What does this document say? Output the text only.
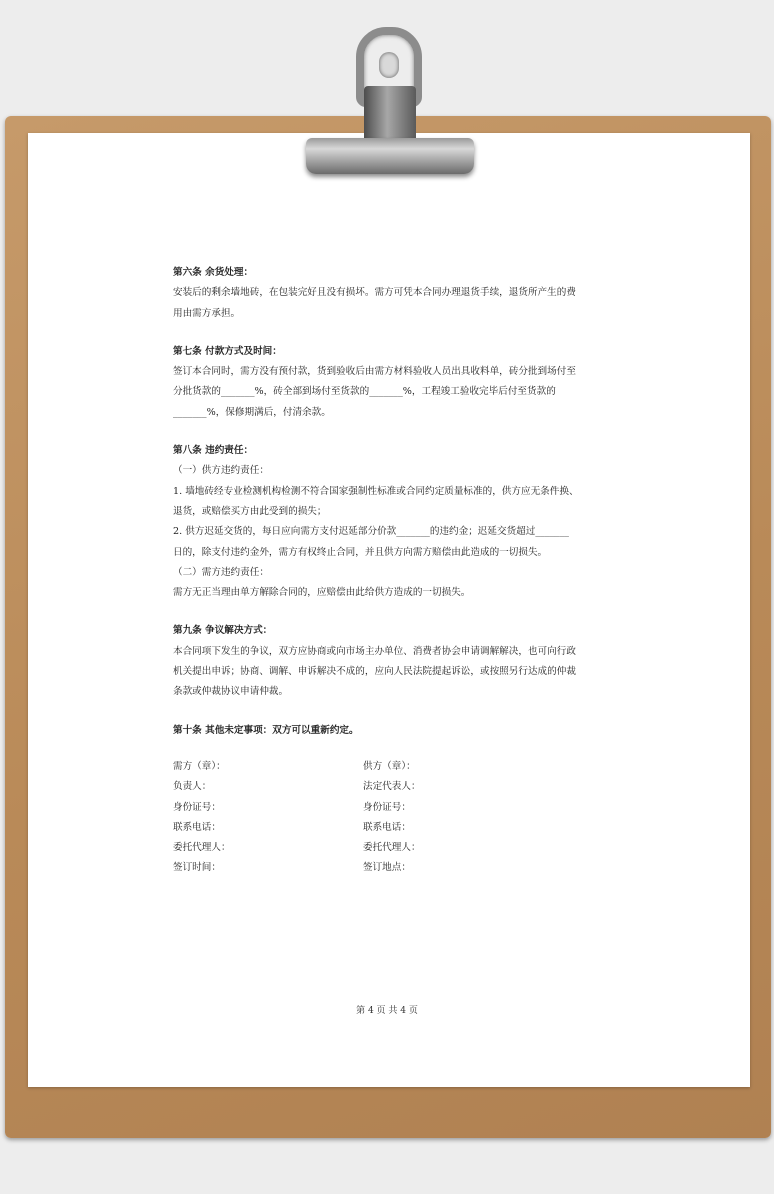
第六条 余货处理：

安装后的剩余墙地砖，在包装完好且没有损坏。需方可凭本合同办理退货手续，退货所产生的费

用由需方承担。

第七条 付款方式及时间：

签订本合同时，需方没有预付款，货到验收后由需方材料验收人员出具收料单，砖分批到场付至

分批货款的_______%，砖全部到场付至货款的_______%，工程竣工验收完毕后付至货款的

_______%，保修期满后，付清余款。

第八条 违约责任：

（一）供方违约责任：

1. 墙地砖经专业检测机构检测不符合国家强制性标准或合同约定质量标准的，供方应无条件换、

退货，或赔偿买方由此受到的损失；

2. 供方迟延交货的，每日应向需方支付迟延部分价款_______的违约金；迟延交货超过_______

日的，除支付违约金外，需方有权终止合同，并且供方向需方赔偿由此造成的一切损失。

（二）需方违约责任：

需方无正当理由单方解除合同的，应赔偿由此给供方造成的一切损失。

第九条 争议解决方式：

本合同项下发生的争议，双方应协商或向市场主办单位、消费者协会申请调解解决，也可向行政

机关提出申诉；协商、调解、申诉解决不成的，应向人民法院提起诉讼，或按照另行达成的仲裁

条款或仲裁协议申请仲裁。

第十条 其他未定事项：双方可以重新约定。

需方（章）：	供方（章）：
负责人：	法定代表人：
身份证号：	身份证号：
联系电话：	联系电话：
委托代理人：	委托代理人：
签订时间：	签订地点：
第 4 页 共 4 页
